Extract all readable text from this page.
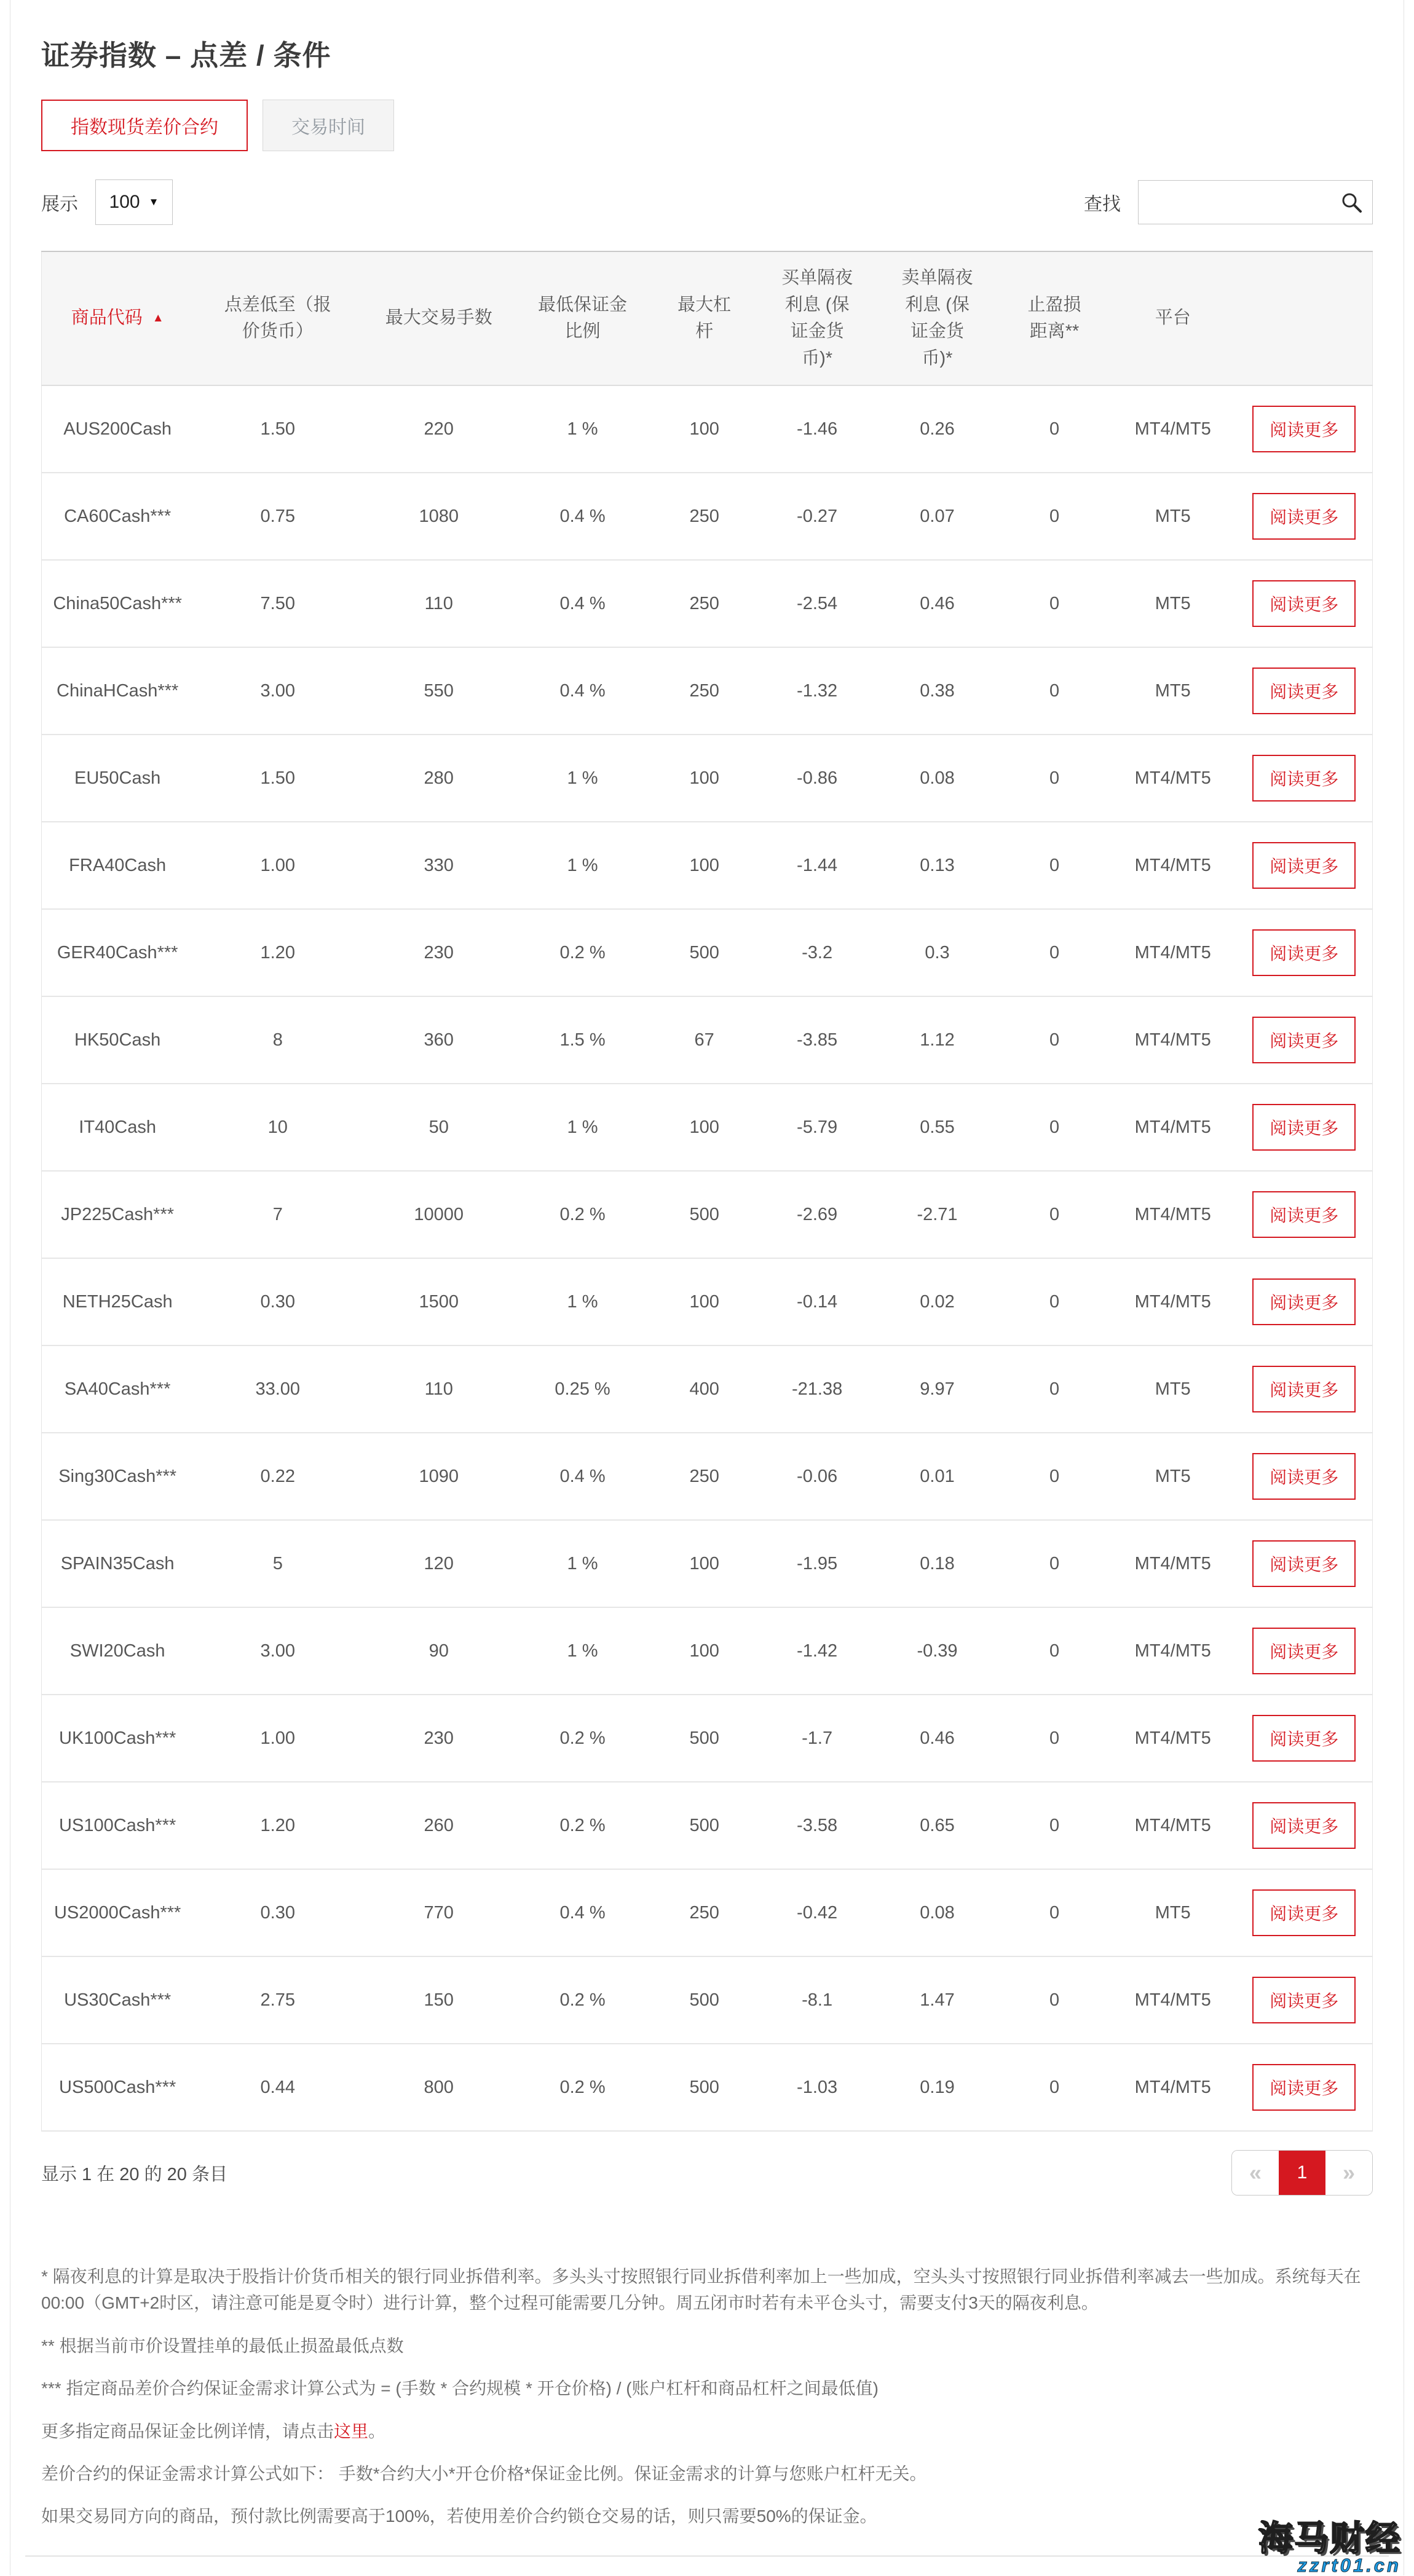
证券指数 – 点差 / 条件
指数现货差价合约	交易时间
展示 100 ▼	查找
商品代码 ▲	点差低至（报价货币）	最大交易手数	最低保证金比例	最大杠杆	买单隔夜利息 (保证金货币)*	卖单隔夜利息 (保证金货币)*	止盈损距离**	平台	
AUS200Cash	1.50	220	1 %	100	-1.46	0.26	0	MT4/MT5	阅读更多
CA60Cash***	0.75	1080	0.4 %	250	-0.27	0.07	0	MT5	阅读更多
China50Cash***	7.50	110	0.4 %	250	-2.54	0.46	0	MT5	阅读更多
ChinaHCash***	3.00	550	0.4 %	250	-1.32	0.38	0	MT5	阅读更多
EU50Cash	1.50	280	1 %	100	-0.86	0.08	0	MT4/MT5	阅读更多
FRA40Cash	1.00	330	1 %	100	-1.44	0.13	0	MT4/MT5	阅读更多
GER40Cash***	1.20	230	0.2 %	500	-3.2	0.3	0	MT4/MT5	阅读更多
HK50Cash	8	360	1.5 %	67	-3.85	1.12	0	MT4/MT5	阅读更多
IT40Cash	10	50	1 %	100	-5.79	0.55	0	MT4/MT5	阅读更多
JP225Cash***	7	10000	0.2 %	500	-2.69	-2.71	0	MT4/MT5	阅读更多
NETH25Cash	0.30	1500	1 %	100	-0.14	0.02	0	MT4/MT5	阅读更多
SA40Cash***	33.00	110	0.25 %	400	-21.38	9.97	0	MT5	阅读更多
Sing30Cash***	0.22	1090	0.4 %	250	-0.06	0.01	0	MT5	阅读更多
SPAIN35Cash	5	120	1 %	100	-1.95	0.18	0	MT4/MT5	阅读更多
SWI20Cash	3.00	90	1 %	100	-1.42	-0.39	0	MT4/MT5	阅读更多
UK100Cash***	1.00	230	0.2 %	500	-1.7	0.46	0	MT4/MT5	阅读更多
US100Cash***	1.20	260	0.2 %	500	-3.58	0.65	0	MT4/MT5	阅读更多
US2000Cash***	0.30	770	0.4 %	250	-0.42	0.08	0	MT5	阅读更多
US30Cash***	2.75	150	0.2 %	500	-8.1	1.47	0	MT4/MT5	阅读更多
US500Cash***	0.44	800	0.2 %	500	-1.03	0.19	0	MT4/MT5	阅读更多
显示 1 在 20 的 20 条目	«	1	»

* 隔夜利息的计算是取决于股指计价货币相关的银行同业拆借利率。多头头寸按照银行同业拆借利率加上一些加成，空头头寸按照银行同业拆借利率减去一些加成。系统每天在 00:00（GMT+2时区，请注意可能是夏令时）进行计算，整个过程可能需要几分钟。周五闭市时若有未平仓头寸，需要支付3天的隔夜利息。

** 根据当前市价设置挂单的最低止损盈最低点数

*** 指定商品差价合约保证金需求计算公式为 = (手数 * 合约规模 * 开仓价格) / (账户杠杆和商品杠杆之间最低值)

更多指定商品保证金比例详情，请点击这里。

差价合约的保证金需求计算公式如下： 手数*合约大小*开仓价格*保证金比例。保证金需求的计算与您账户杠杆无关。

如果交易同方向的商品，预付款比例需要高于100%，若使用差价合约锁仓交易的话，则只需要50%的保证金。

海马财经
zzrt01.cn
